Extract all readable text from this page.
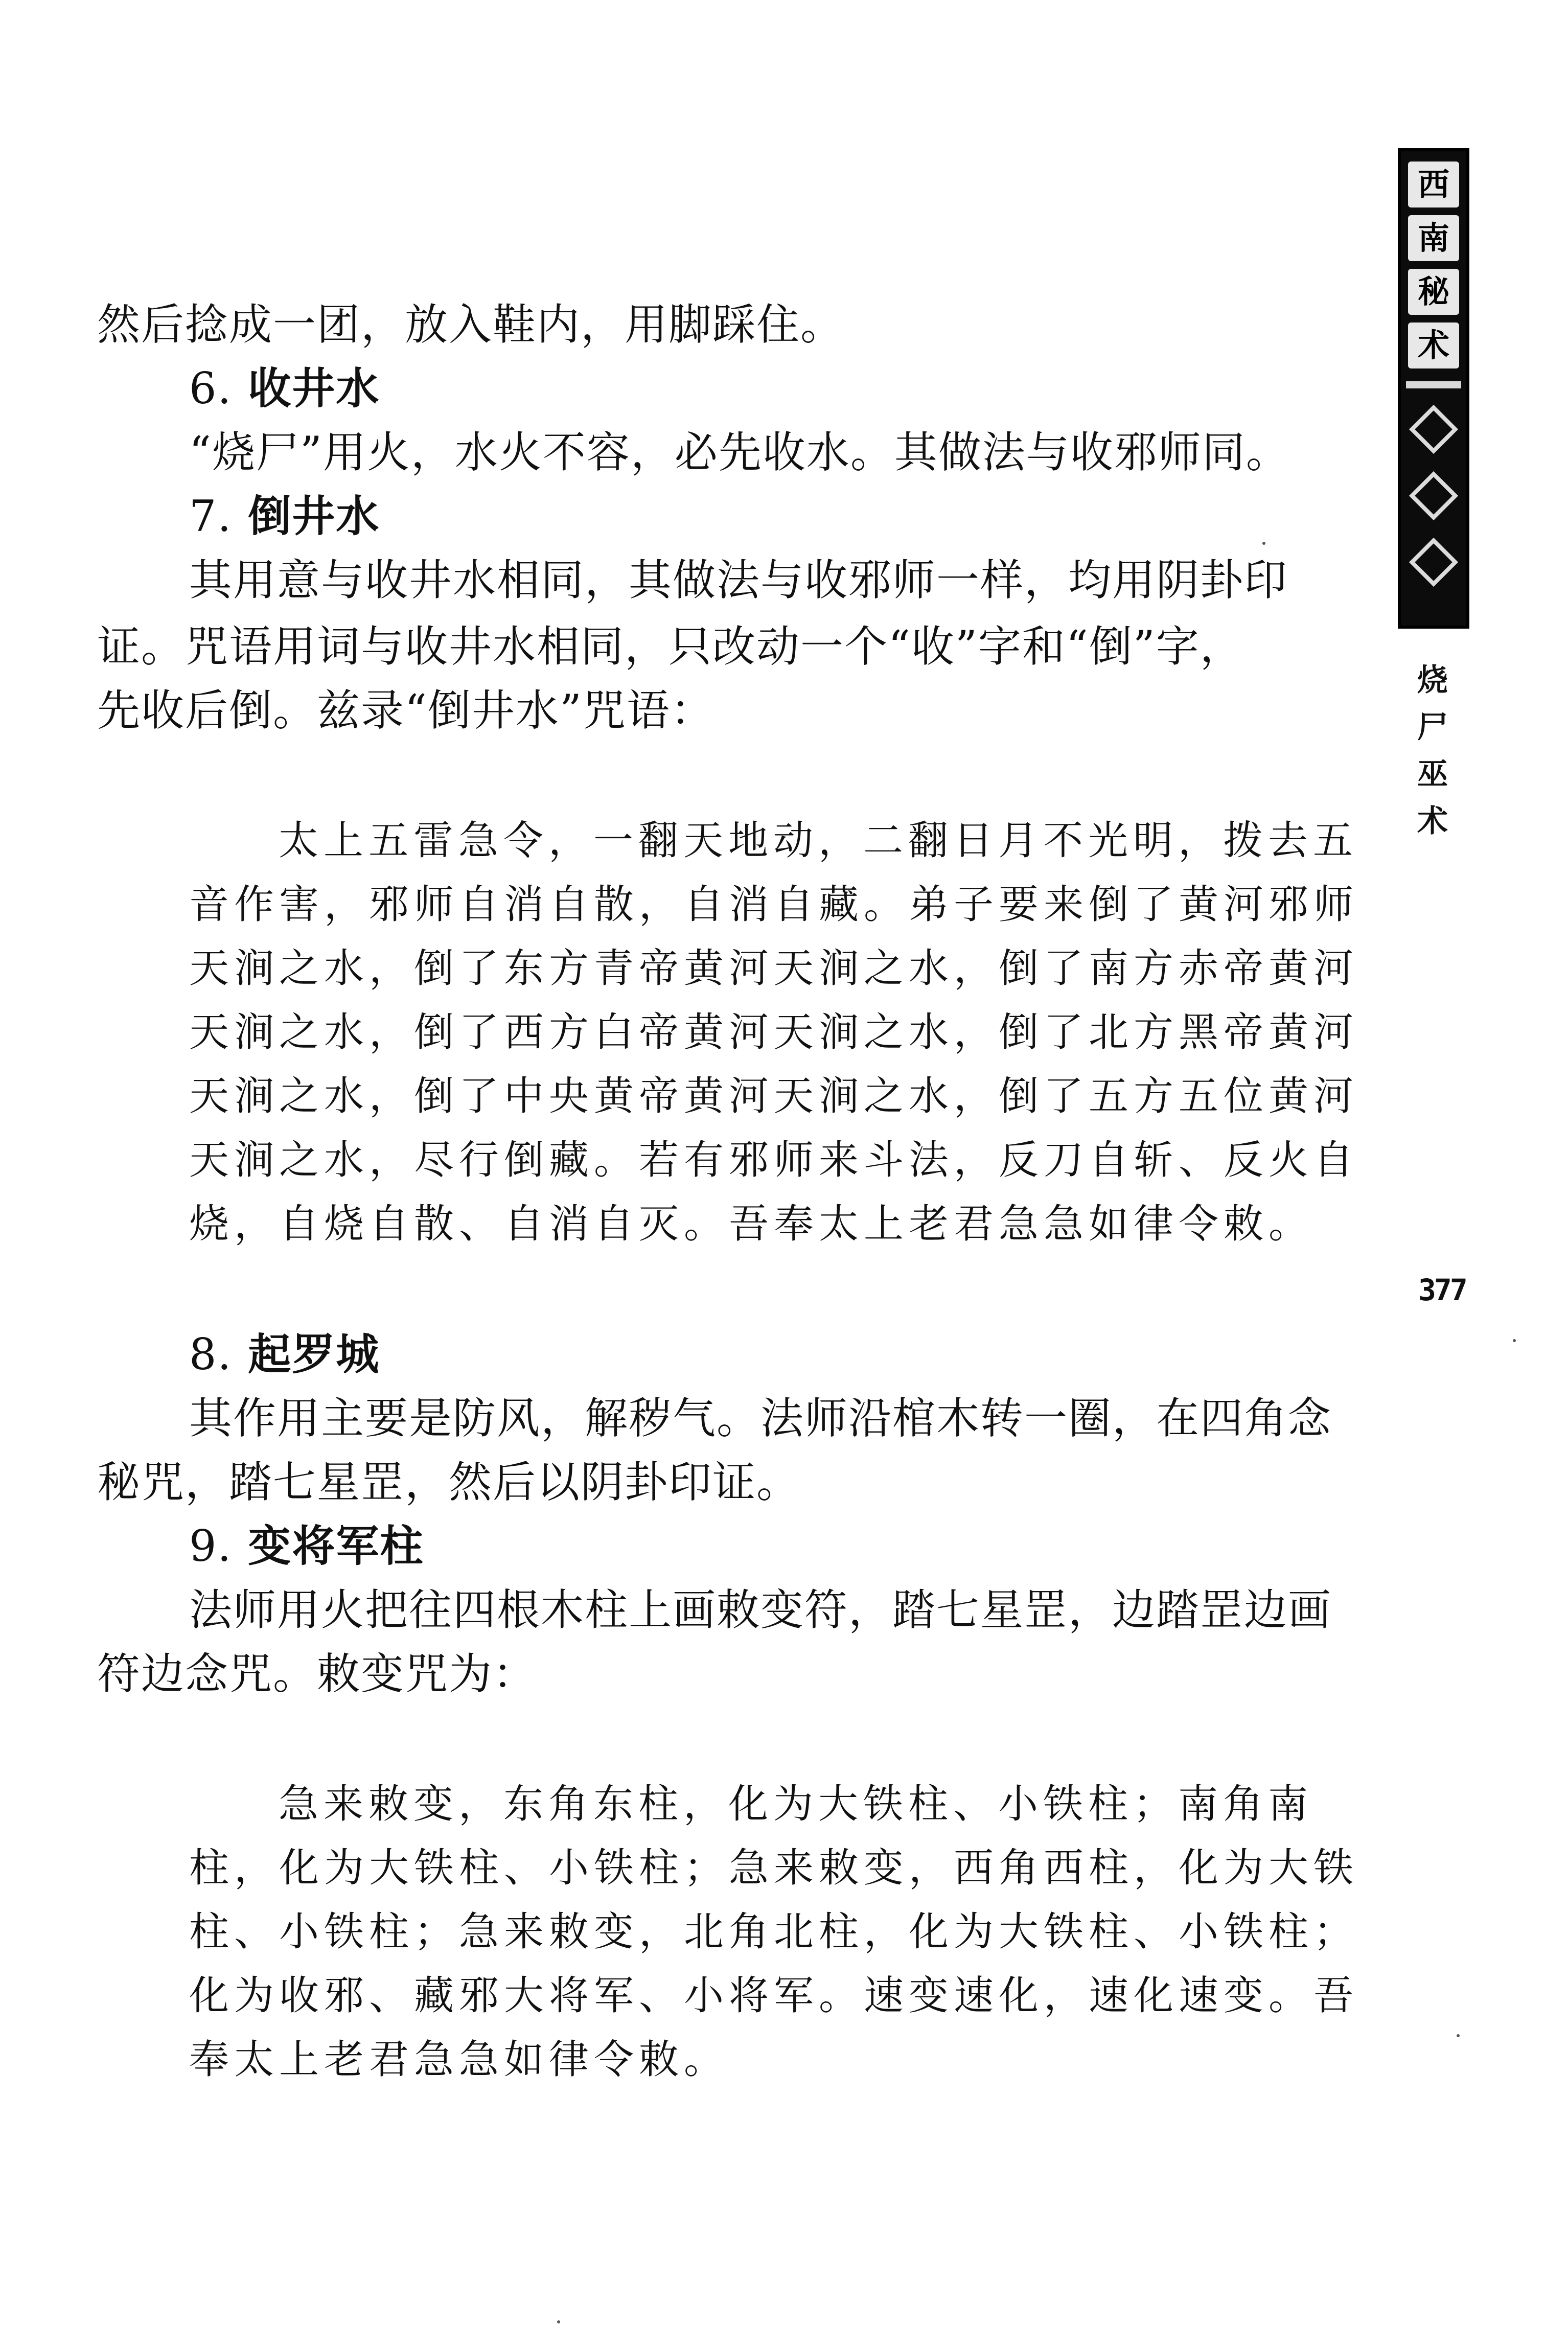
西
南
秘
术
烧
尸
巫
术
377
然后捻成一团，放入鞋内，用脚踩住。
6. 收井水
“烧尸”用火，水火不容，必先收水。其做法与收邪师同。
7. 倒井水
其用意与收井水相同，其做法与收邪师一样，均用阴卦印
证。咒语用词与收井水相同，只改动一个“收”字和“倒”字，
先收后倒。兹录“倒井水”咒语：
太上五雷急令，一翻天地动，二翻日月不光明，拨去五
音作害，邪师自消自散，自消自藏。弟子要来倒了黄河邪师
天涧之水，倒了东方青帝黄河天涧之水，倒了南方赤帝黄河
天涧之水，倒了西方白帝黄河天涧之水，倒了北方黑帝黄河
天涧之水，倒了中央黄帝黄河天涧之水，倒了五方五位黄河
天涧之水，尽行倒藏。若有邪师来斗法，反刀自斩、反火自
烧，自烧自散、自消自灭。吾奉太上老君急急如律令敕。
8. 起罗城
其作用主要是防风，解秽气。法师沿棺木转一圈，在四角念
秘咒，踏七星罡，然后以阴卦印证。
9. 变将军柱
法师用火把往四根木柱上画敕变符，踏七星罡，边踏罡边画
符边念咒。敕变咒为：
急来敕变，东角东柱，化为大铁柱、小铁柱；南角南
柱，化为大铁柱、小铁柱；急来敕变，西角西柱，化为大铁
柱、小铁柱；急来敕变，北角北柱，化为大铁柱、小铁柱；
化为收邪、藏邪大将军、小将军。速变速化，速化速变。吾
奉太上老君急急如律令敕。
